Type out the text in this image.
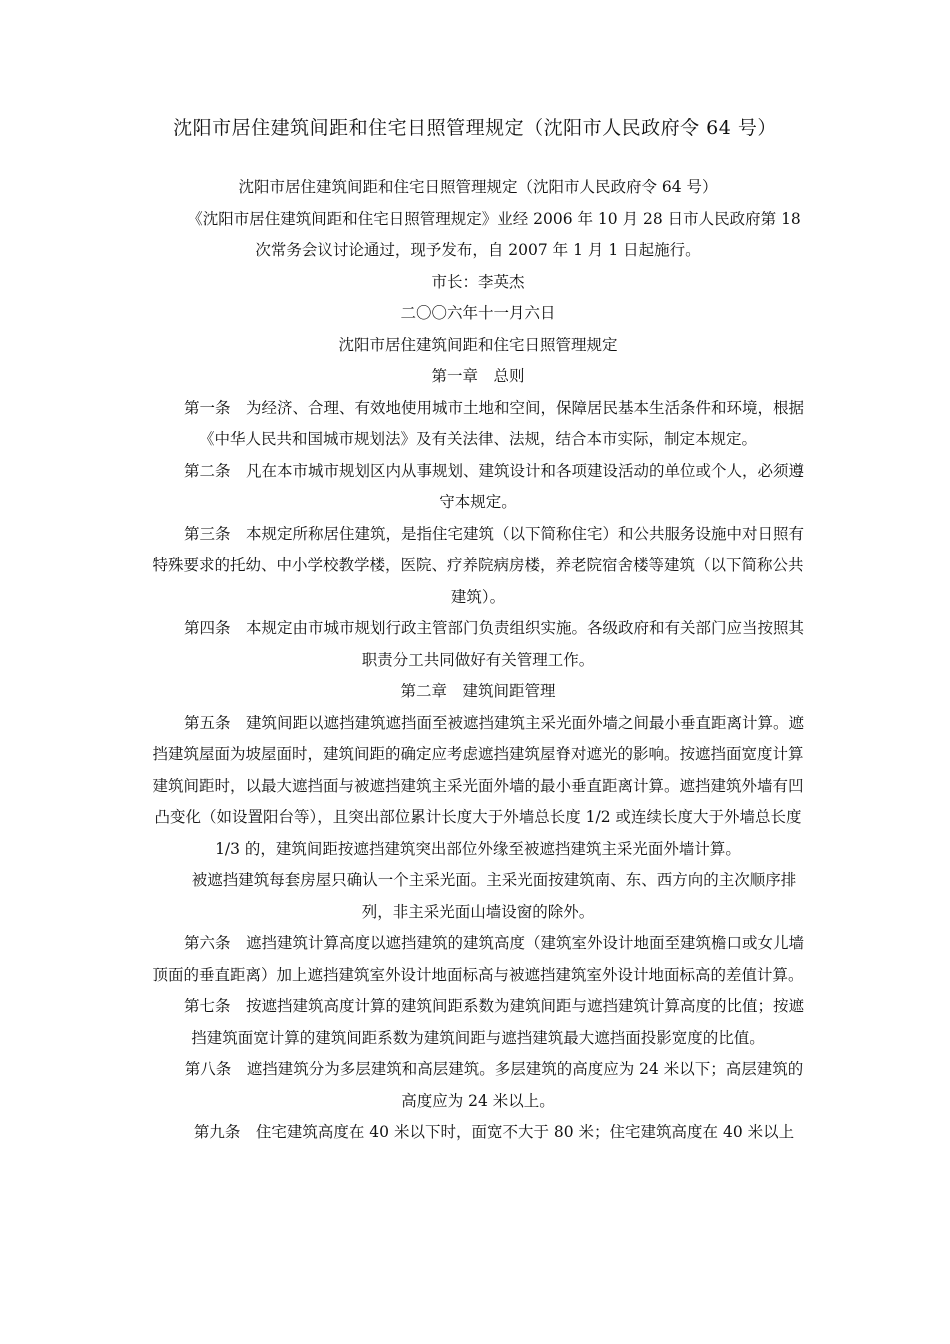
沈阳市居住建筑间距和住宅日照管理规定（沈阳市人民政府令 64 号）

沈阳市居住建筑间距和住宅日照管理规定（沈阳市人民政府令 64 号）

《沈阳市居住建筑间距和住宅日照管理规定》业经 2006 年 10 月 28 日市人民政府第 18 次常务会议讨论通过，现予发布，自 2007 年 1 月 1 日起施行。

市长：李英杰

二〇〇六年十一月六日

沈阳市居住建筑间距和住宅日照管理规定

第一章　总则

第一条　为经济、合理、有效地使用城市土地和空间，保障居民基本生活条件和环境，根据《中华人民共和国城市规划法》及有关法律、法规，结合本市实际，制定本规定。

第二条　凡在本市城市规划区内从事规划、建筑设计和各项建设活动的单位或个人，必须遵守本规定。

第三条　本规定所称居住建筑，是指住宅建筑（以下简称住宅）和公共服务设施中对日照有特殊要求的托幼、中小学校教学楼，医院、疗养院病房楼，养老院宿舍楼等建筑（以下简称公共建筑）。

第四条　本规定由市城市规划行政主管部门负责组织实施。各级政府和有关部门应当按照其职责分工共同做好有关管理工作。

第二章　建筑间距管理

第五条　建筑间距以遮挡建筑遮挡面至被遮挡建筑主采光面外墙之间最小垂直距离计算。遮挡建筑屋面为坡屋面时，建筑间距的确定应考虑遮挡建筑屋脊对遮光的影响。按遮挡面宽度计算建筑间距时，以最大遮挡面与被遮挡建筑主采光面外墙的最小垂直距离计算。遮挡建筑外墙有凹凸变化（如设置阳台等），且突出部位累计长度大于外墙总长度 1/2 或连续长度大于外墙总长度 1/3 的，建筑间距按遮挡建筑突出部位外缘至被遮挡建筑主采光面外墙计算。

被遮挡建筑每套房屋只确认一个主采光面。主采光面按建筑南、东、西方向的主次顺序排列，非主采光面山墙设窗的除外。

第六条　遮挡建筑计算高度以遮挡建筑的建筑高度（建筑室外设计地面至建筑檐口或女儿墙顶面的垂直距离）加上遮挡建筑室外设计地面标高与被遮挡建筑室外设计地面标高的差值计算。

第七条　按遮挡建筑高度计算的建筑间距系数为建筑间距与遮挡建筑计算高度的比值；按遮挡建筑面宽计算的建筑间距系数为建筑间距与遮挡建筑最大遮挡面投影宽度的比值。

第八条　遮挡建筑分为多层建筑和高层建筑。多层建筑的高度应为 24 米以下；高层建筑的高度应为 24 米以上。

第九条　住宅建筑高度在 40 米以下时，面宽不大于 80 米；住宅建筑高度在 40 米以上
